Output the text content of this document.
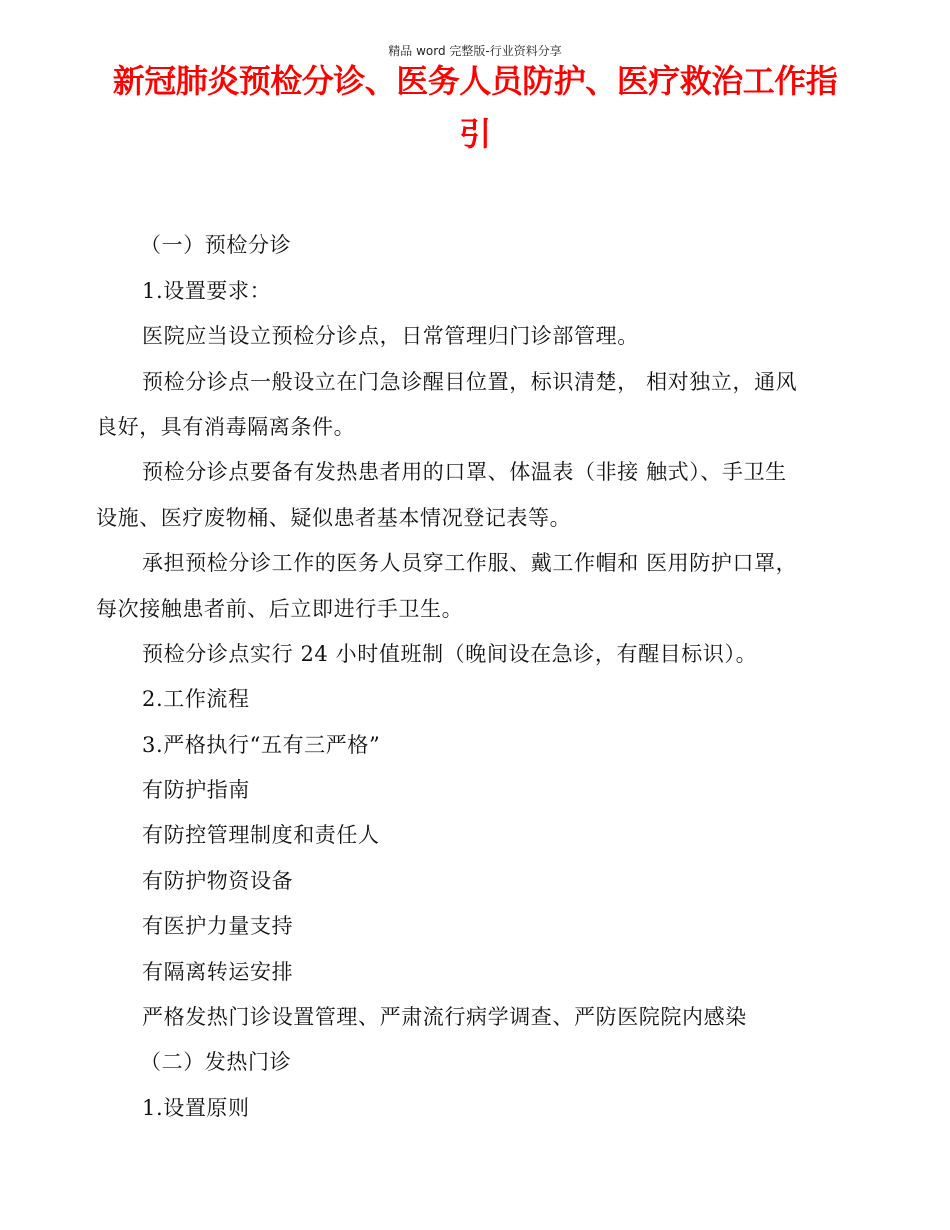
精品 word 完整版-行业资料分享
新冠肺炎预检分诊、医务人员防护、医疗救治工作指
引
（一）预检分诊
1.设置要求：
医院应当设立预检分诊点，日常管理归门诊部管理。
预检分诊点一般设立在门急诊醒目位置，标识清楚， 相对独立，通风
良好，具有消毒隔离条件。
预检分诊点要备有发热患者用的口罩、体温表（非接 触式）、手卫生
设施、医疗废物桶、疑似患者基本情况登记表等。
承担预检分诊工作的医务人员穿工作服、戴工作帽和 医用防护口罩，
每次接触患者前、后立即进行手卫生。
预检分诊点实行 24 小时值班制（晚间设在急诊，有醒目标识）。
2.工作流程
3.严格执行“五有三严格”
有防护指南
有防控管理制度和责任人
有防护物资设备
有医护力量支持
有隔离转运安排
严格发热门诊设置管理、严肃流行病学调查、严防医院院内感染
（二）发热门诊
1.设置原则
